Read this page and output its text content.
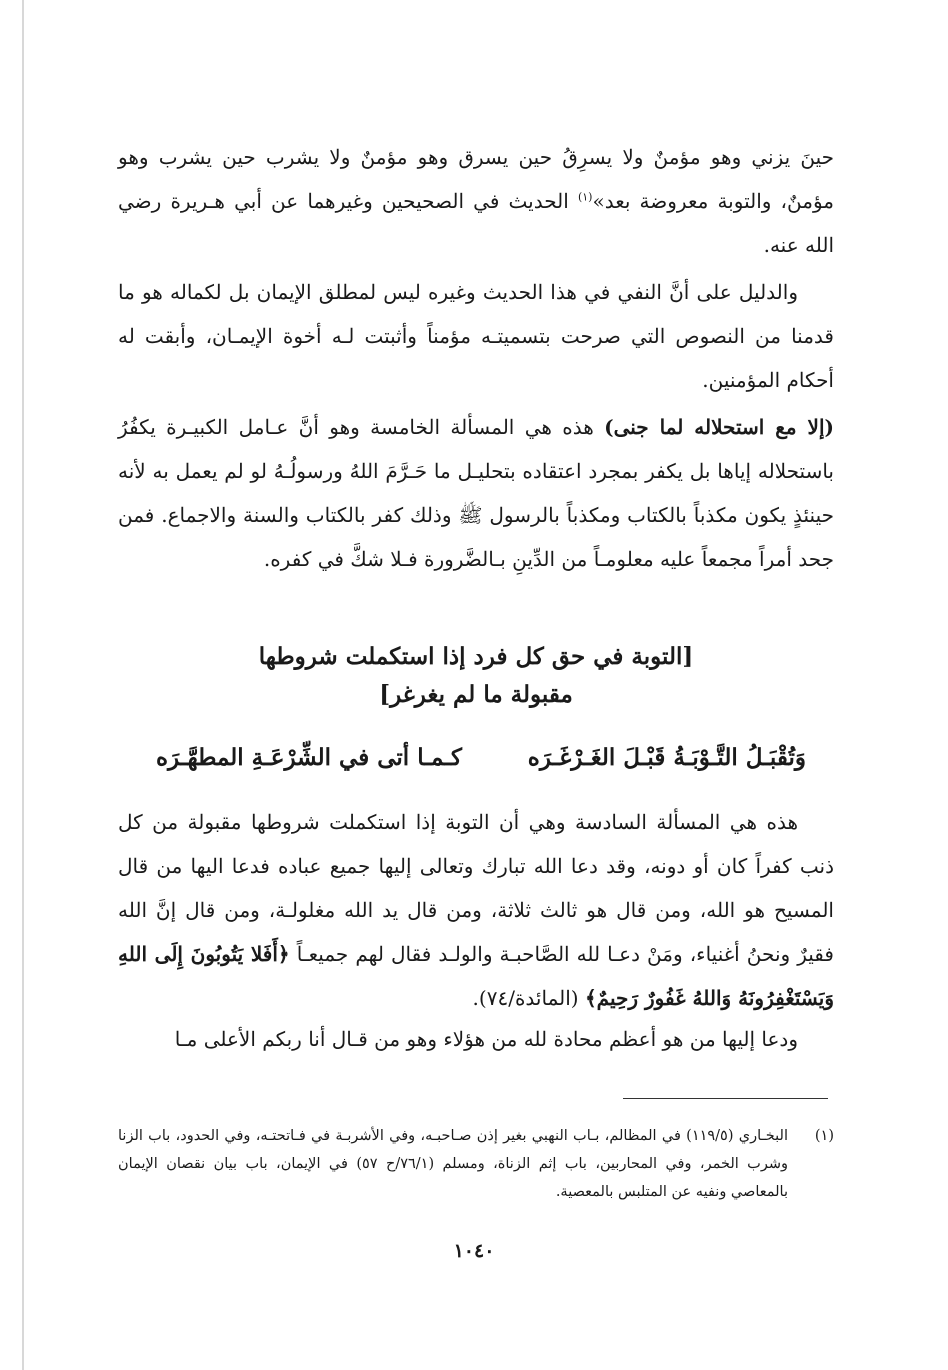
حينَ يزني وهو مؤمنٌ ولا يسرِقُ حين يسرق وهو مؤمنٌ ولا يشرب حين يشرب وهو مؤمنٌ، والتوبة معروضة بعد»$^{(١)}$ الحديث في الصحيحين وغيرهما عن أبي هـريرة رضي الله عنه.

والدليل على أنَّ النفي في هذا الحديث وغيره ليس لمطلق الإيمان بل لكماله هو ما قدمنا من النصوص التي صرحت بتسميتـه مؤمناً وأثبتت لـه أخوة الإيمـان، وأبقت له أحكام المؤمنين.

(إلا مع استحلاله لما جنى) هذه هي المسألة الخامسة وهو أنَّ عـامل الكبيـرة يكفُرُ باستحلاله إياها بل يكفر بمجرد اعتقاده بتحليـل ما حَـرَّمَ اللهُ ورسولُـهُ لو لم يعمل به لأنه حينئذٍ يكون مكذباً بالكتاب ومكذباً بالرسول ﷺ وذلك كفر بالكتاب والسنة والاجماع. فمن جحد أمراً مجمعاً عليه معلومـاً من الدِّينِ بـالضَّرورة فـلا شكَّ في كفره.

[التوبة في حق كل فرد إذا استكملت شروطها
مقبولة ما لم يغرغر]
وَتُقْبَـلُ التَّـوْبَـةُ قَبْـلَ الغَـرْغَـرَه
كـمـا أتى في الشِّرْعَـةِ المطهَّـرَه

هذه هي المسألة السادسة وهي أن التوبة إذا استكملت شروطها مقبولة من كل ذنب كفراً كان أو دونه، وقد دعا الله تبارك وتعالى إليها جميع عباده فدعا اليها من قال المسيح هو الله، ومن قال هو ثالث ثلاثة، ومن قال يد الله مغلولـة، ومن قال إنَّ الله فقيرٌ ونحنُ أغنياء، ومَنْ دعـا لله الصَّاحبـة والولـد فقال لهم جميعـاً ﴿أَفَلا يَتُوبُونَ إِلَى اللهِ وَيَسْتَغْفِرُونَهُ وَاللهُ غَفُورٌ رَحِيمٌ﴾ (المائدة/٧٤).

ودعا إليها من هو أعظم محادة لله من هؤلاء وهو من قـال أنا ربكم الأعلى مـا

(١)
البخـاري (١١٩/٥) في المظالم، بـاب النهبي بغير إذن صـاحبـه، وفي الأشربـة في فـاتحتـه، وفي الحدود، باب الزنا وشرب الخمر، وفي المحاربين، باب إثم الزناة، ومسلم (٧٦/١/ح ٥٧) في الإيمان، باب بيان نقصان الإيمان بالمعاصي ونفيه عن المتلبس بالمعصية.
١٠٤٠
